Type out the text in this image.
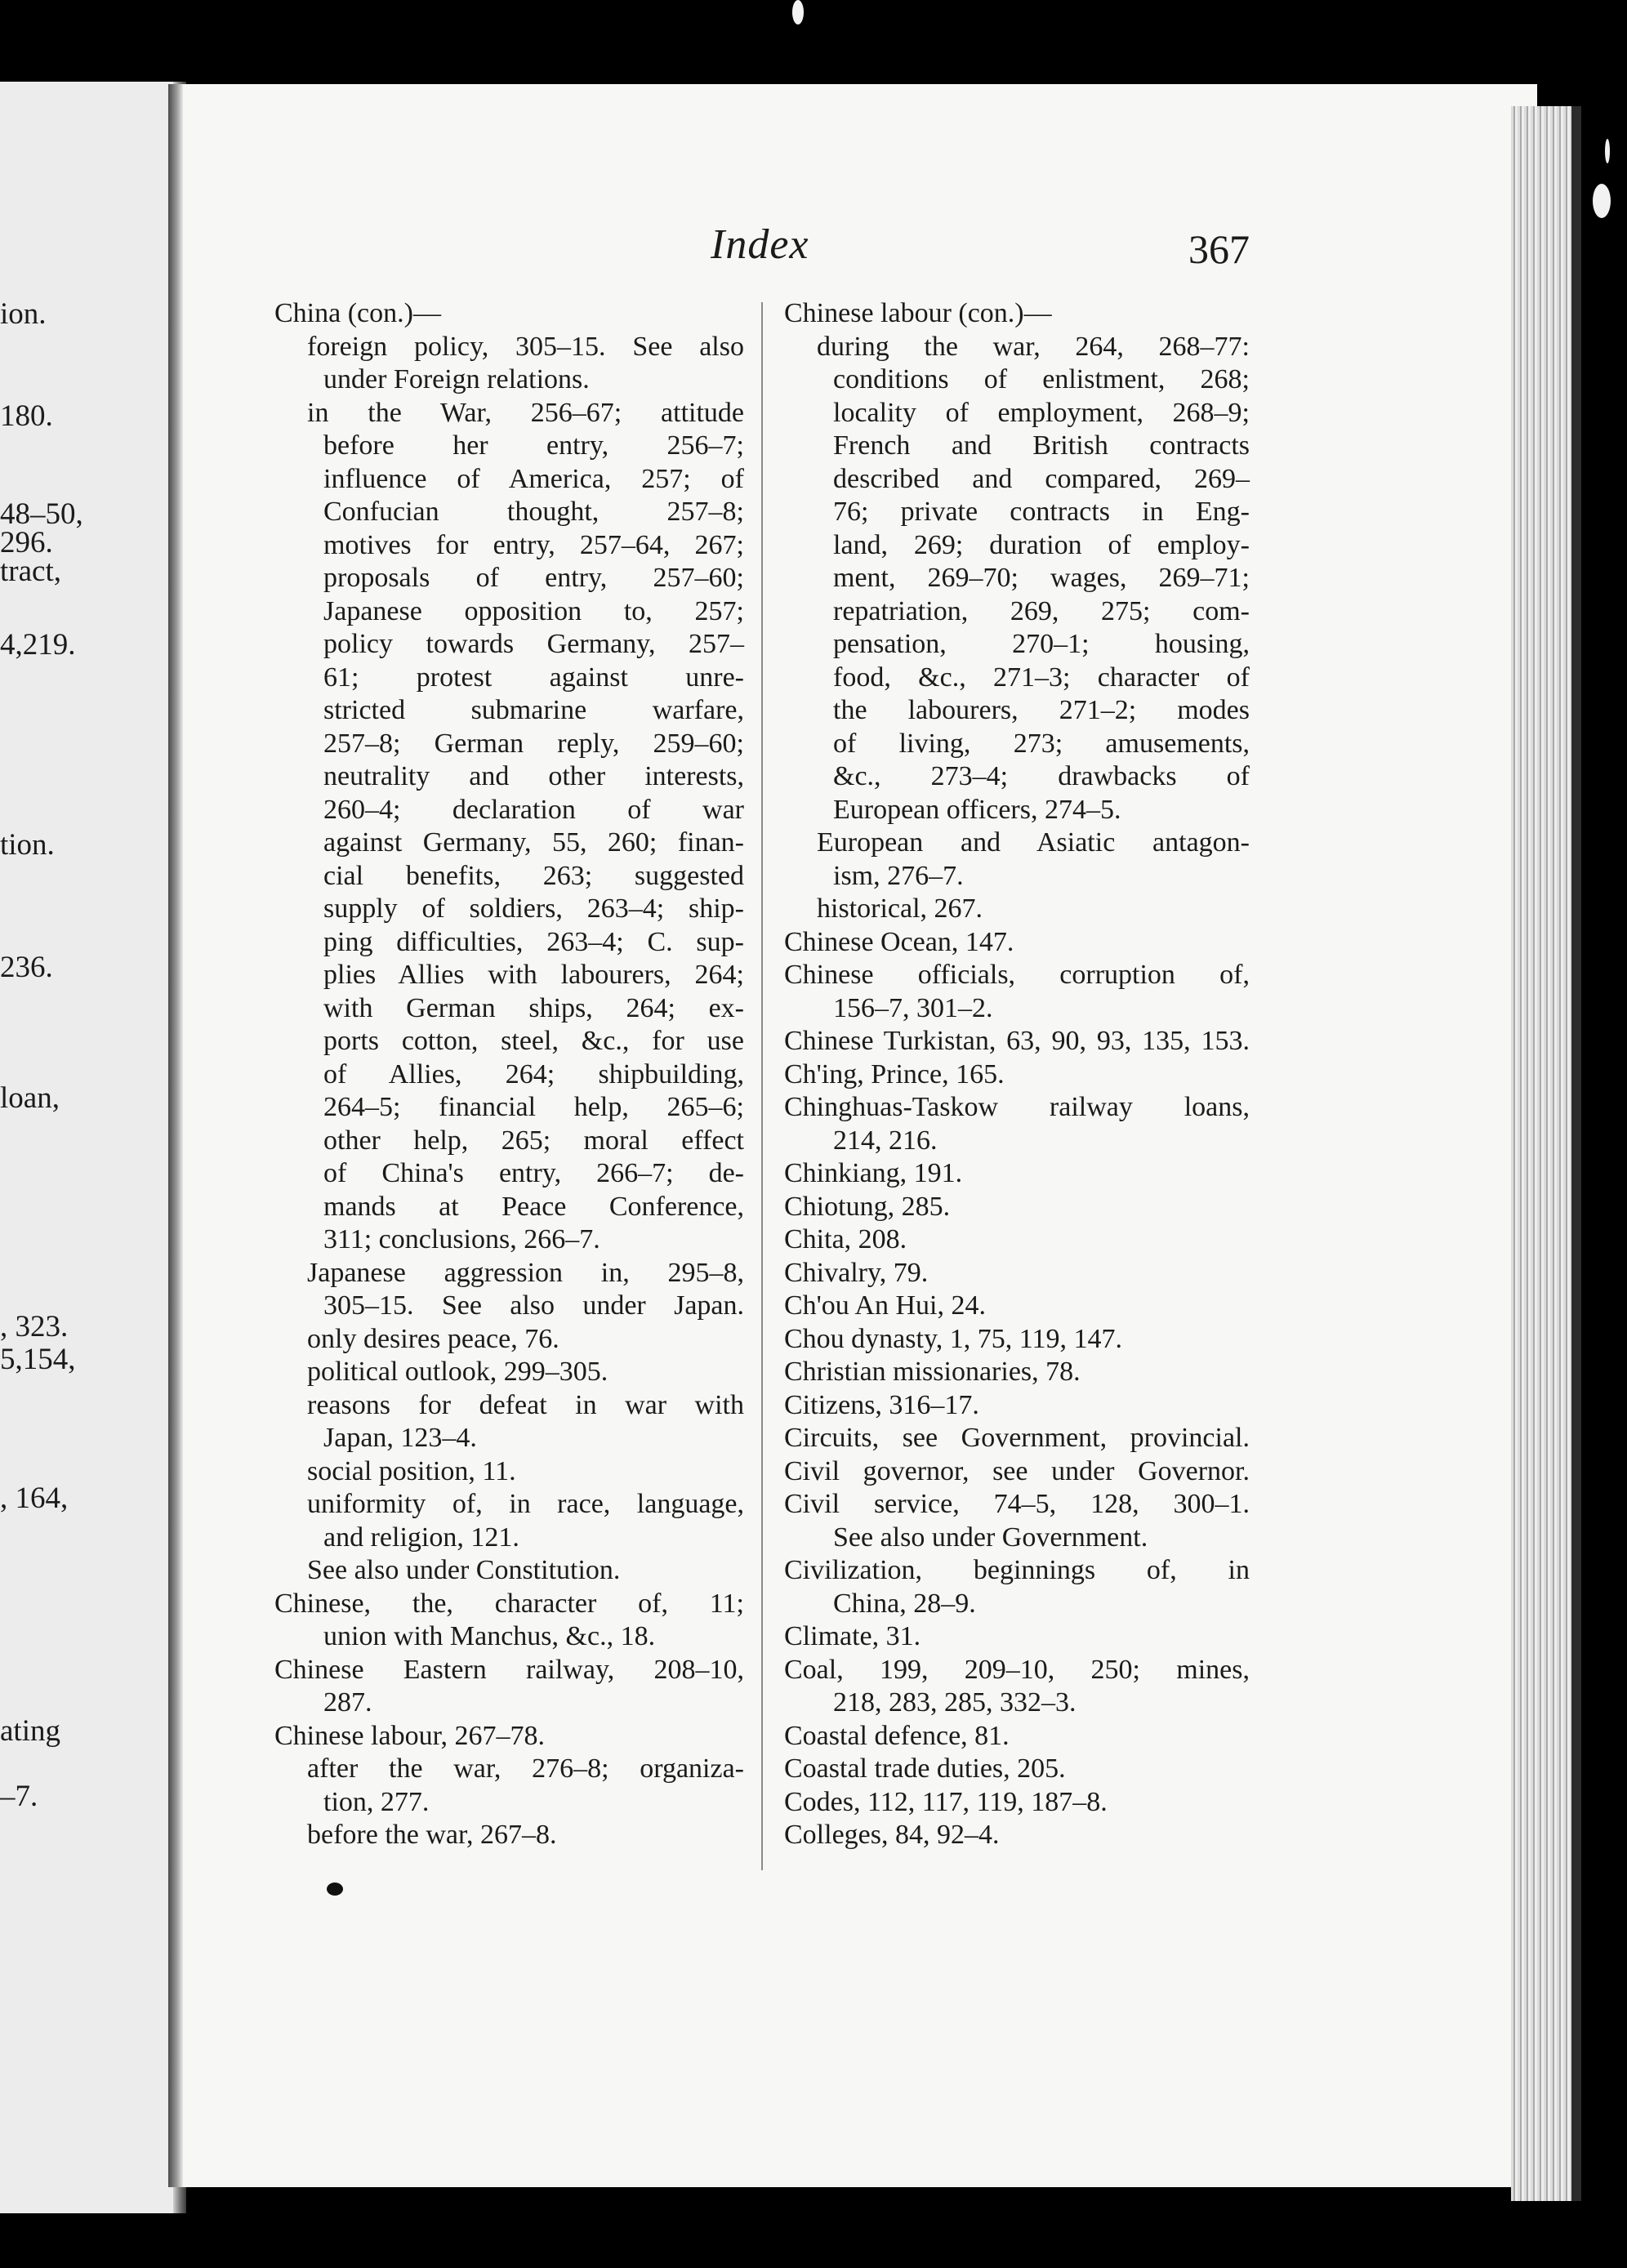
Index	367
China (con.)—
foreign policy, 305–15. See also
under Foreign relations.
in the War, 256–67; attitude
before her entry, 256–7;
influence of America, 257; of
Confucian thought, 257–8;
motives for entry, 257–64, 267;
proposals of entry, 257–60;
Japanese opposition to, 257;
policy towards Germany, 257–
61; protest against unre-
stricted submarine warfare,
257–8; German reply, 259–60;
neutrality and other interests,
260–4; declaration of war
against Germany, 55, 260; finan-
cial benefits, 263; suggested
supply of soldiers, 263–4; ship-
ping difficulties, 263–4; C. sup-
plies Allies with labourers, 264;
with German ships, 264; ex-
ports cotton, steel, &c., for use
of Allies, 264; shipbuilding,
264–5; financial help, 265–6;
other help, 265; moral effect
of China's entry, 266–7; de-
mands at Peace Conference,
311; conclusions, 266–7.
Japanese aggression in, 295–8,
305–15. See also under Japan.
only desires peace, 76.
political outlook, 299–305.
reasons for defeat in war with
Japan, 123–4.
social position, 11.
uniformity of, in race, language,
and religion, 121.
See also under Constitution.
Chinese, the, character of, 11;
union with Manchus, &c., 18.
Chinese Eastern railway, 208–10,
287.
Chinese labour, 267–78.
after the war, 276–8; organiza-
tion, 277.
before the war, 267–8.
Chinese labour (con.)—
during the war, 264, 268–77:
conditions of enlistment, 268;
locality of employment, 268–9;
French and British contracts
described and compared, 269–
76; private contracts in Eng-
land, 269; duration of employ-
ment, 269–70; wages, 269–71;
repatriation, 269, 275; com-
pensation, 270–1; housing,
food, &c., 271–3; character of
the labourers, 271–2; modes
of living, 273; amusements,
&c., 273–4; drawbacks of
European officers, 274–5.
European and Asiatic antagon-
ism, 276–7.
historical, 267.
Chinese Ocean, 147.
Chinese officials, corruption of,
156–7, 301–2.
Chinese Turkistan, 63, 90, 93, 135, 153.
Ch'ing, Prince, 165.
Chinghuas-Taskow railway loans,
214, 216.
Chinkiang, 191.
Chiotung, 285.
Chita, 208.
Chivalry, 79.
Ch'ou An Hui, 24.
Chou dynasty, 1, 75, 119, 147.
Christian missionaries, 78.
Citizens, 316–17.
Circuits, see Government, provincial.
Civil governor, see under Governor.
Civil service, 74–5, 128, 300–1.
See also under Government.
Civilization, beginnings of, in
China, 28–9.
Climate, 31.
Coal, 199, 209–10, 250; mines,
218, 283, 285, 332–3.
Coastal defence, 81.
Coastal trade duties, 205.
Codes, 112, 117, 119, 187–8.
Colleges, 84, 92–4.
ion.
180.
48–50,
296.
tract,
4,219.
tion.
236.
loan,
, 323.
5,154,
, 164,
ating
–7.
